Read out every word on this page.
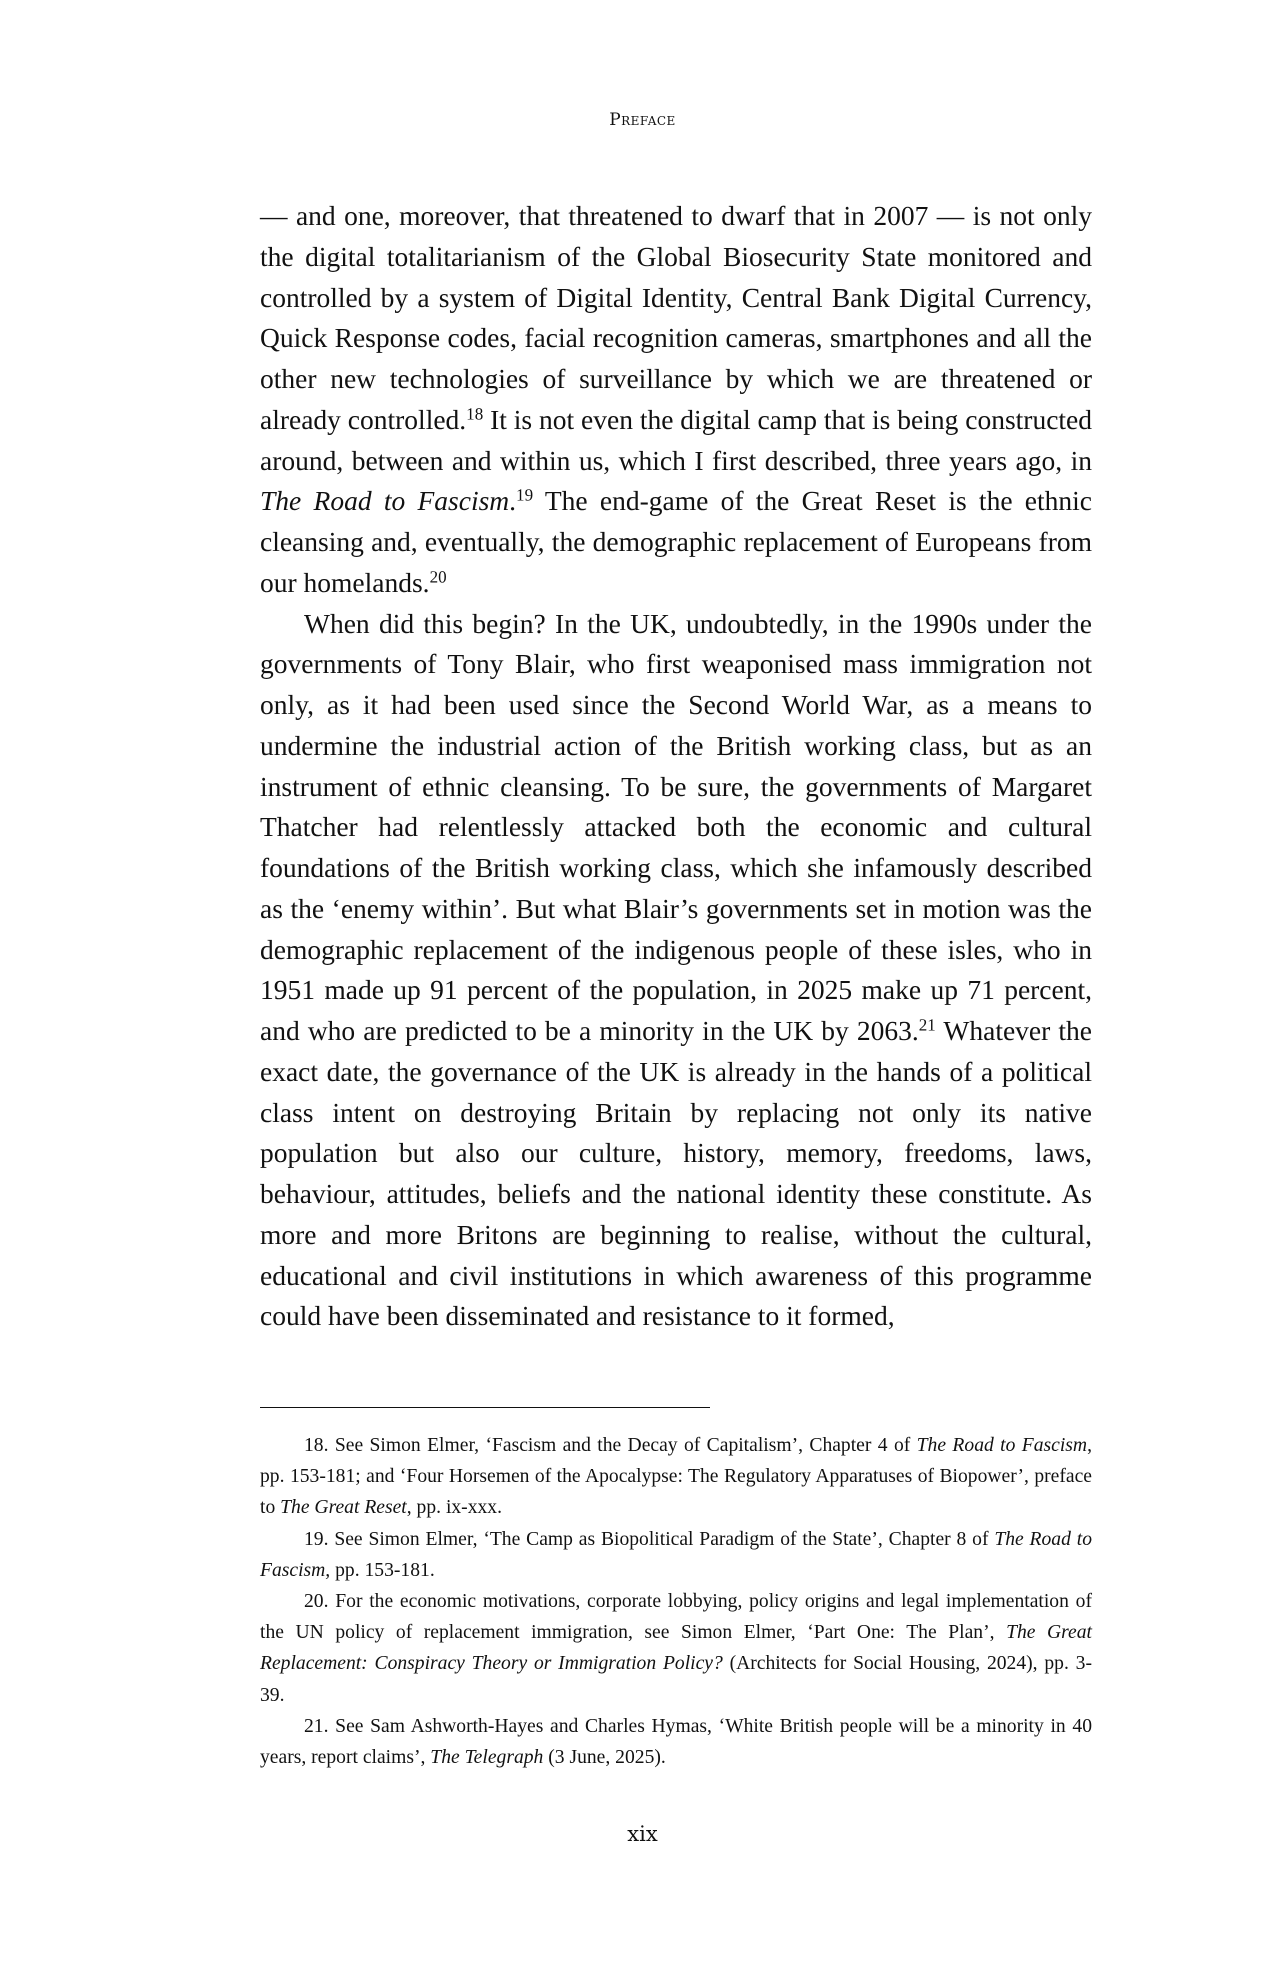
Preface

— and one, moreover, that threatened to dwarf that in 2007 — is not only the digital totalitarianism of the Global Biosecurity State monitored and controlled by a system of Digital Identity, Central Bank Digital Currency, Quick Response codes, facial recognition cameras, smartphones and all the other new technologies of surveillance by which we are threatened or already controlled.$^{18}$ It is not even the digital camp that is being constructed around, between and within us, which I first described, three years ago, in The Road to Fascism.$^{19}$ The end-game of the Great Reset is the ethnic cleansing and, eventually, the demographic replacement of Europeans from our homelands.$^{20}$

When did this begin? In the UK, undoubtedly, in the 1990s under the governments of Tony Blair, who first weaponised mass immigration not only, as it had been used since the Second World War, as a means to undermine the industrial action of the British working class, but as an instrument of ethnic cleansing. To be sure, the governments of Margaret Thatcher had relentlessly attacked both the economic and cultural foundations of the British working class, which she infamously described as the ‘enemy within’. But what Blair’s governments set in motion was the demographic replacement of the indigenous people of these isles, who in 1951 made up 91 percent of the population, in 2025 make up 71 percent, and who are predicted to be a minority in the UK by 2063.21 Whatever the exact date, the governance of the UK is already in the hands of a political class intent on destroying Britain by replacing not only its native population but also our culture, history, memory, freedoms, laws, behaviour, attitudes, beliefs and the national identity these constitute. As more and more Britons are beginning to realise, without the cultural, educational and civil institutions in which awareness of this programme could have been disseminated and resistance to it formed,

18. See Simon Elmer, ‘Fascism and the Decay of Capitalism’, Chapter 4 of The Road to Fascism, pp. 153-181; and ‘Four Horsemen of the Apocalypse: The Regulatory Apparatuses of Biopower’, preface to The Great Reset, pp. ix-xxx.

19. See Simon Elmer, ‘The Camp as Biopolitical Paradigm of the State’, Chapter 8 of The Road to Fascism, pp. 153-181.

20. For the economic motivations, corporate lobbying, policy origins and legal implementation of the UN policy of replacement immigration, see Simon Elmer, ‘Part One: The Plan’, The Great Replacement: Conspiracy Theory or Immigration Policy? (Architects for Social Housing, 2024), pp. 3-39.

21. See Sam Ashworth-Hayes and Charles Hymas, ‘White British people will be a minority in 40 years, report claims’, The Telegraph (3 June, 2025).

xix
